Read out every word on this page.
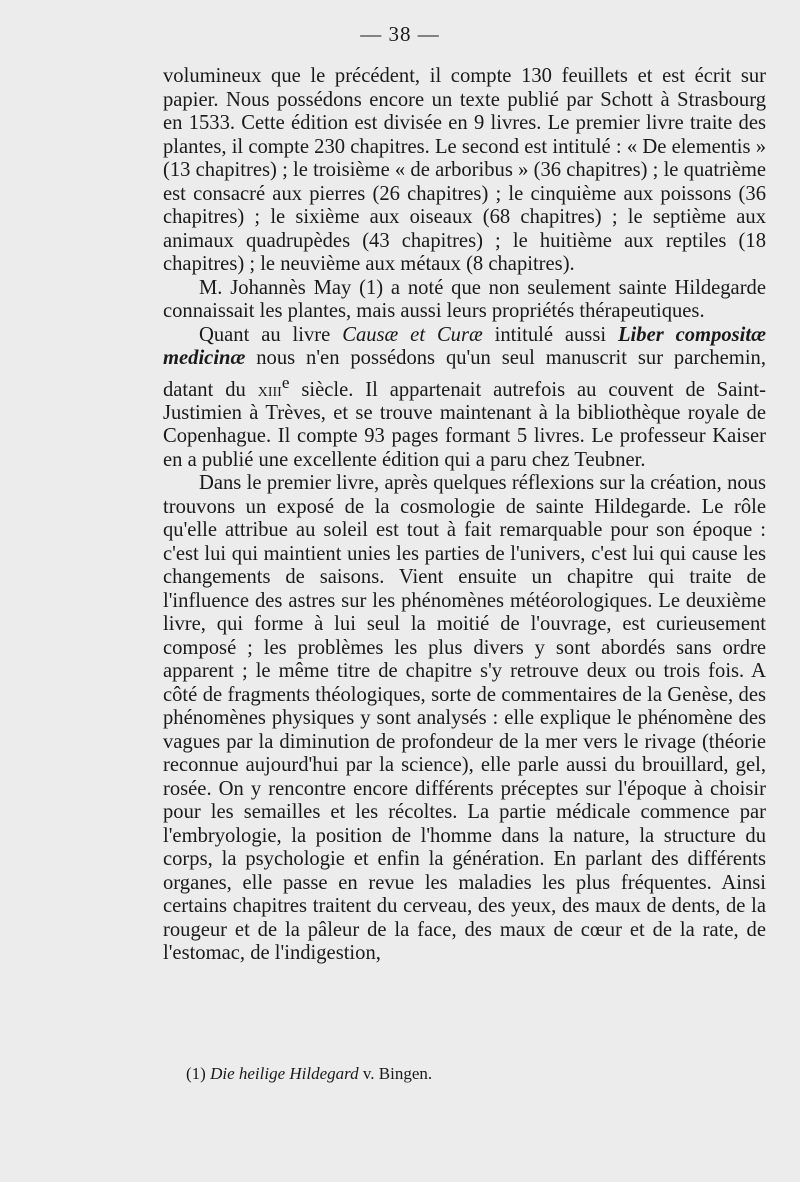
— 38 —

volumineux que le précédent, il compte 130 feuillets et est écrit sur papier. Nous possédons encore un texte publié par Schott à Strasbourg en 1533. Cette édition est divisée en 9 livres. Le premier livre traite des plantes, il compte 230 chapitres. Le second est intitulé : « De elementis » (13 chapitres) ; le troisième « de arboribus » (36 chapitres) ; le quatrième est consacré aux pierres (26 chapitres) ; le cinquième aux poissons (36 chapitres) ; le sixième aux oiseaux (68 chapitres) ; le septième aux animaux quadrupèdes (43 chapitres) ; le huitième aux reptiles (18 chapitres) ; le neuvième aux métaux (8 chapitres).

M. Johannès May (1) a noté que non seulement sainte Hildegarde connaissait les plantes, mais aussi leurs propriétés thérapeutiques.

Quant au livre Causæ et Curæ intitulé aussi Liber compositæ medicinæ nous n'en possédons qu'un seul manuscrit sur parchemin, datant du xiii$^e$ siècle. Il appartenait autrefois au couvent de Saint-Justimien à Trèves, et se trouve maintenant à la bibliothèque royale de Copenhague. Il compte 93 pages formant 5 livres. Le professeur Kaiser en a publié une excellente édition qui a paru chez Teubner.

Dans le premier livre, après quelques réflexions sur la création, nous trouvons un exposé de la cosmologie de sainte Hildegarde. Le rôle qu'elle attribue au soleil est tout à fait remarquable pour son époque : c'est lui qui maintient unies les parties de l'univers, c'est lui qui cause les changements de saisons. Vient ensuite un chapitre qui traite de l'influence des astres sur les phénomènes météorologiques. Le deuxième livre, qui forme à lui seul la moitié de l'ouvrage, est curieusement composé ; les problèmes les plus divers y sont abordés sans ordre apparent ; le même titre de chapitre s'y retrouve deux ou trois fois. A côté de fragments théologiques, sorte de commentaires de la Genèse, des phénomènes physiques y sont analysés : elle explique le phénomène des vagues par la diminution de profondeur de la mer vers le rivage (théorie reconnue aujourd'hui par la science), elle parle aussi du brouillard, gel, rosée. On y rencontre encore différents préceptes sur l'époque à choisir pour les semailles et les récoltes. La partie médicale commence par l'embryologie, la position de l'homme dans la nature, la structure du corps, la psychologie et enfin la génération. En parlant des différents organes, elle passe en revue les maladies les plus fréquentes. Ainsi certains chapitres traitent du cerveau, des yeux, des maux de dents, de la rougeur et de la pâleur de la face, des maux de cœur et de la rate, de l'estomac, de l'indigestion,

(1) Die heilige Hildegard v. Bingen.
